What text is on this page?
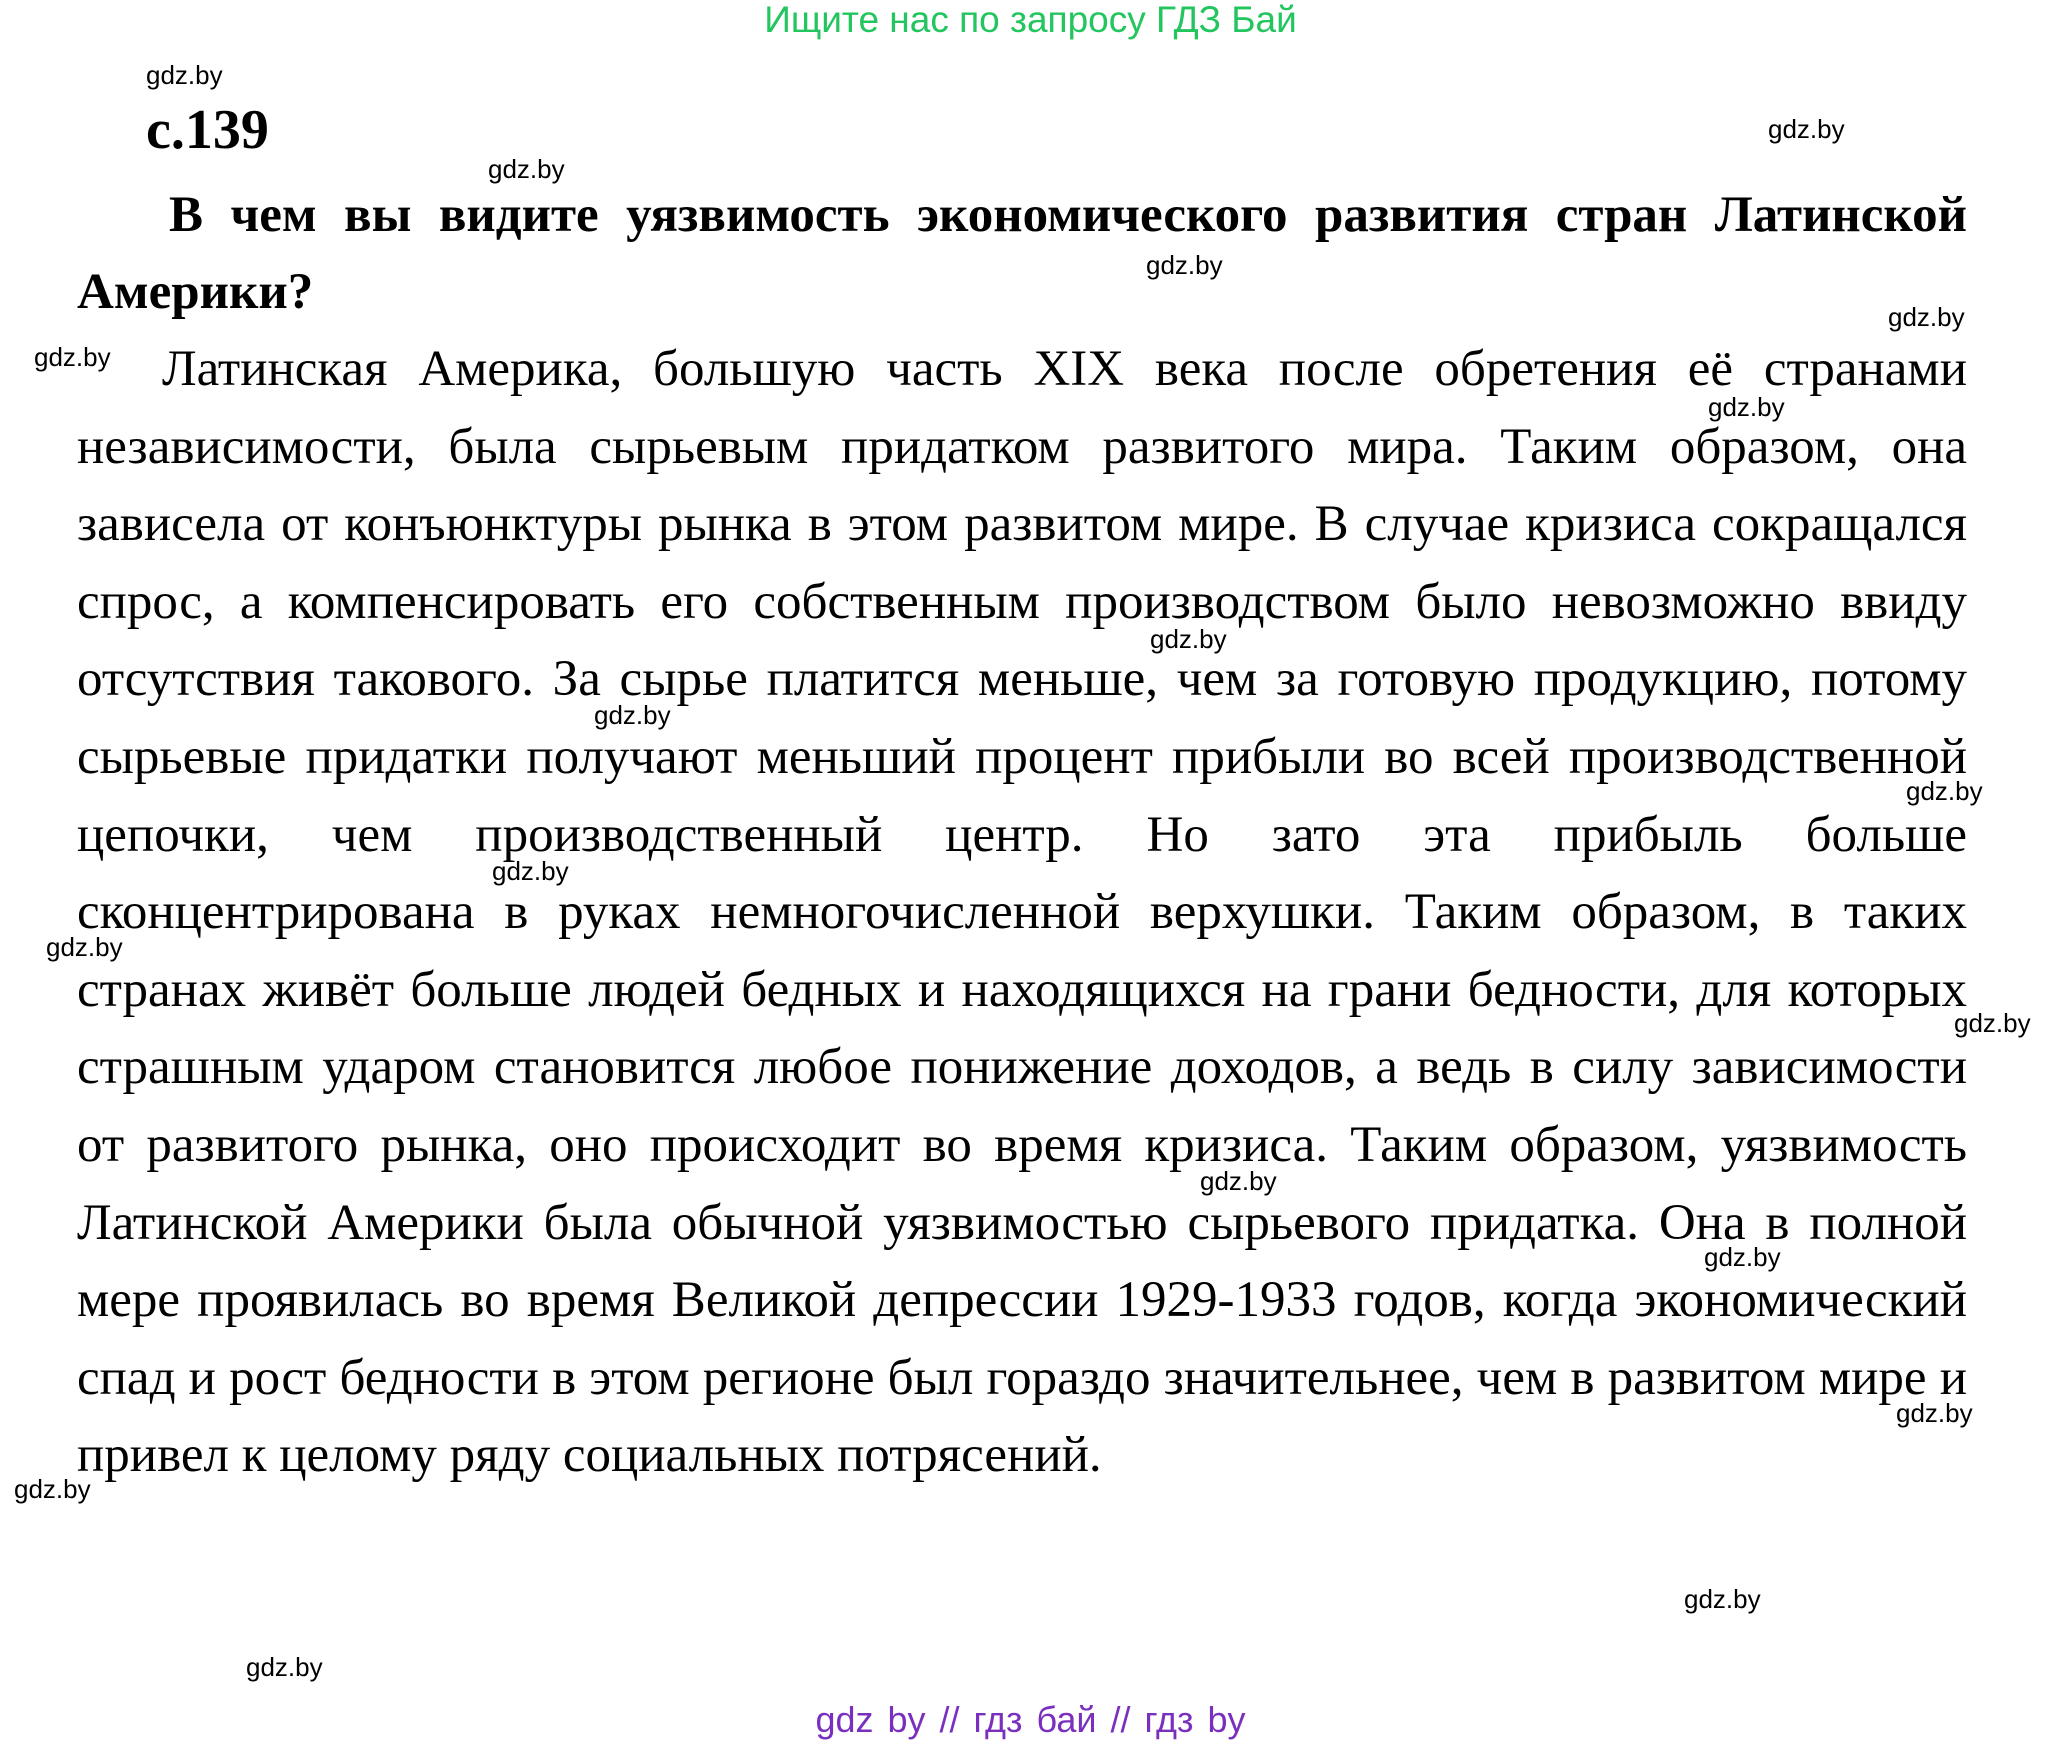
Ищите нас по запросу ГДЗ Бай
с.139

В чем вы видите уязвимость экономического развития стран Латинской Америки?

Латинская Америка, большую часть XIX века после обретения её странами независимости, была сырьевым придатком развитого мира. Таким образом, она зависела от конъюнктуры рынка в этом развитом мире. В случае кризиса сокращался спрос, а компенсировать его собственным производством было невозможно ввиду отсутствия такового. За сырье платится меньше, чем за готовую продукцию, потому сырьевые придатки получают меньший процент прибыли во всей производственной цепочки, чем производственный центр. Но зато эта прибыль больше сконцентрирована в руках немногочисленной верхушки. Таким образом, в таких странах живёт больше людей бедных и находящихся на грани бедности, для которых страшным ударом становится любое понижение доходов, а ведь в силу зависимости от развитого рынка, оно происходит во время кризиса. Таким образом, уязвимость Латинской Америки была обычной уязвимостью сырьевого придатка. Она в полной мере проявилась во время Великой депрессии 1929-1933 годов, когда экономический спад и рост бедности в этом регионе был гораздо значительнее, чем в развитом мире и привел к целому ряду социальных потрясений.

gdz.by
gdz.by
gdz.by
gdz.by
gdz.by
gdz.by
gdz.by
gdz.by
gdz.by
gdz.by
gdz.by
gdz.by
gdz.by
gdz.by
gdz.by
gdz.by
gdz.by
gdz.by
gdz.by
gdz by // гдз бай // гдз by
